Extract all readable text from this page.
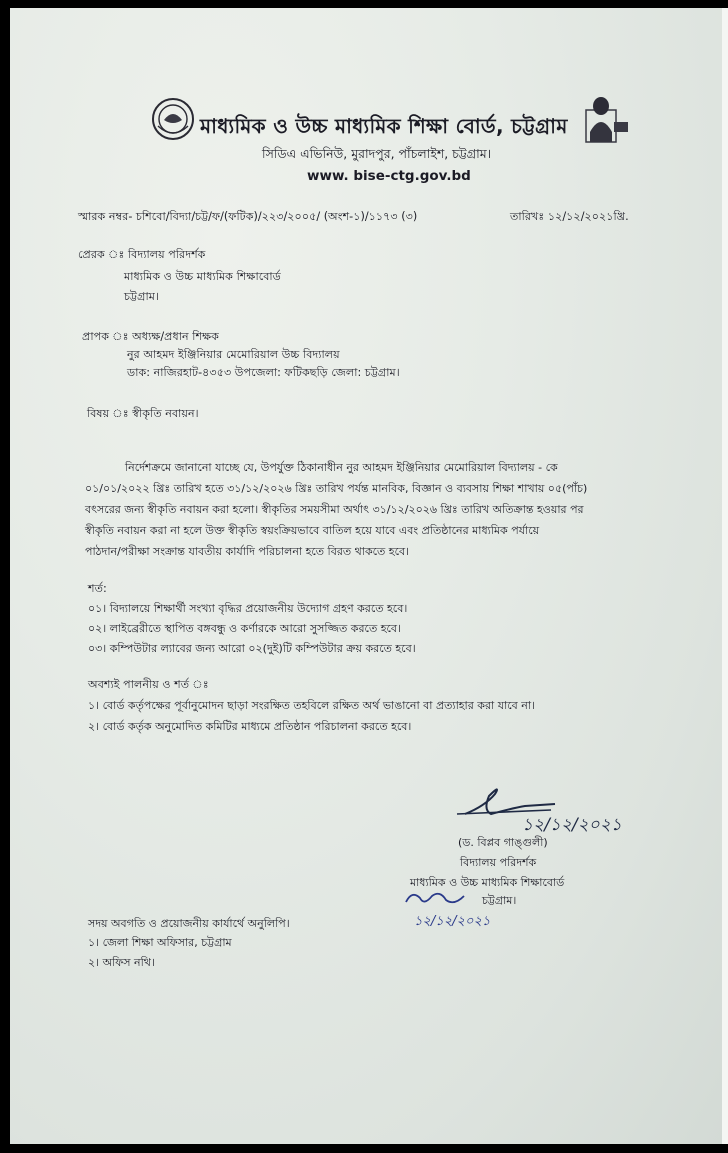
মাধ্যমিক ও উচ্চ মাধ্যমিক শিক্ষা বোর্ড, চট্টগ্রাম
সিডিএ এভিনিউ, মুরাদপুর, পাঁচলাইশ, চট্টগ্রাম।
www. bise-ctg.gov.bd
স্মারক নম্বর- চশিবো/বিদ্যা/চট্ট/ফ/(ফটিক)/২২৩/২০০৫/ (অংশ-১)/১১৭৩ (৩)	তারিখঃ ১২/১২/২০২১খ্রি.
প্রেরক ঃ বিদ্যালয় পরিদর্শক
মাধ্যমিক ও উচ্চ মাধ্যমিক শিক্ষাবোর্ড
চট্টগ্রাম।
প্রাপক ঃ অধ্যক্ষ/প্রধান শিক্ষক
নুর আহমদ ইঞ্জিনিয়ার মেমোরিয়াল উচ্চ বিদ্যালয়
ডাক: নাজিরহাট-৪৩৫৩ উপজেলা: ফটিকছড়ি জেলা: চট্টগ্রাম।
বিষয় ঃ স্বীকৃতি নবায়ন।
নির্দেশক্রমে জানানো যাচ্ছে যে, উপর্যুক্ত ঠিকানাধীন নুর আহমদ ইঞ্জিনিয়ার মেমোরিয়াল বিদ্যালয় - কে
০১/০১/২০২২ খ্রিঃ তারিখ হতে ৩১/১২/২০২৬ খ্রিঃ তারিখ পর্যন্ত মানবিক, বিজ্ঞান ও ব্যবসায় শিক্ষা শাখায় ০৫(পাঁচ)
বৎসরের জন্য স্বীকৃতি নবায়ন করা হলো। স্বীকৃতির সময়সীমা অর্থাৎ ৩১/১২/২০২৬ খ্রিঃ তারিখ অতিক্রান্ত হওয়ার পর
স্বীকৃতি নবায়ন করা না হলে উক্ত স্বীকৃতি স্বয়ংক্রিয়ভাবে বাতিল হয়ে যাবে এবং প্রতিষ্ঠানের মাধ্যমিক পর্যায়ে
পাঠদান/পরীক্ষা সংক্রান্ত যাবতীয় কার্যাদি পরিচালনা হতে বিরত থাকতে হবে।
শর্ত:
০১। বিদ্যালয়ে শিক্ষার্থী সংখ্যা বৃদ্ধির প্রয়োজনীয় উদ্যোগ গ্রহণ করতে হবে।
০২। লাইব্রেরীতে স্থাপিত বঙ্গবন্ধু ও কর্ণারকে আরো সুসজ্জিত করতে হবে।
০৩। কম্পিউটার ল্যাবের জন্য আরো ০২(দুই)টি কম্পিউটার ক্রয় করতে হবে।
অবশ্যই পালনীয় ও শর্ত ঃ
১। বোর্ড কর্তৃপক্ষের পূর্বানুমোদন ছাড়া সংরক্ষিত তহবিলে রক্ষিত অর্থ ভাঙানো বা প্রত্যাহার করা যাবে না।
২। বোর্ড কর্তৃক অনুমোদিত কমিটির মাধ্যমে প্রতিষ্ঠান পরিচালনা করতে হবে।
১২/১২/২০২১
(ড. বিপ্লব গাঙ্গুলী)
বিদ্যালয় পরিদর্শক
মাধ্যমিক ও উচ্চ মাধ্যমিক শিক্ষাবোর্ড
চট্টগ্রাম।
১২/১২/২০২১
সদয় অবগতি ও প্রয়োজনীয় কার্যার্থে অনুলিপি।
১। জেলা শিক্ষা অফিসার, চট্টগ্রাম
২। অফিস নথি।
